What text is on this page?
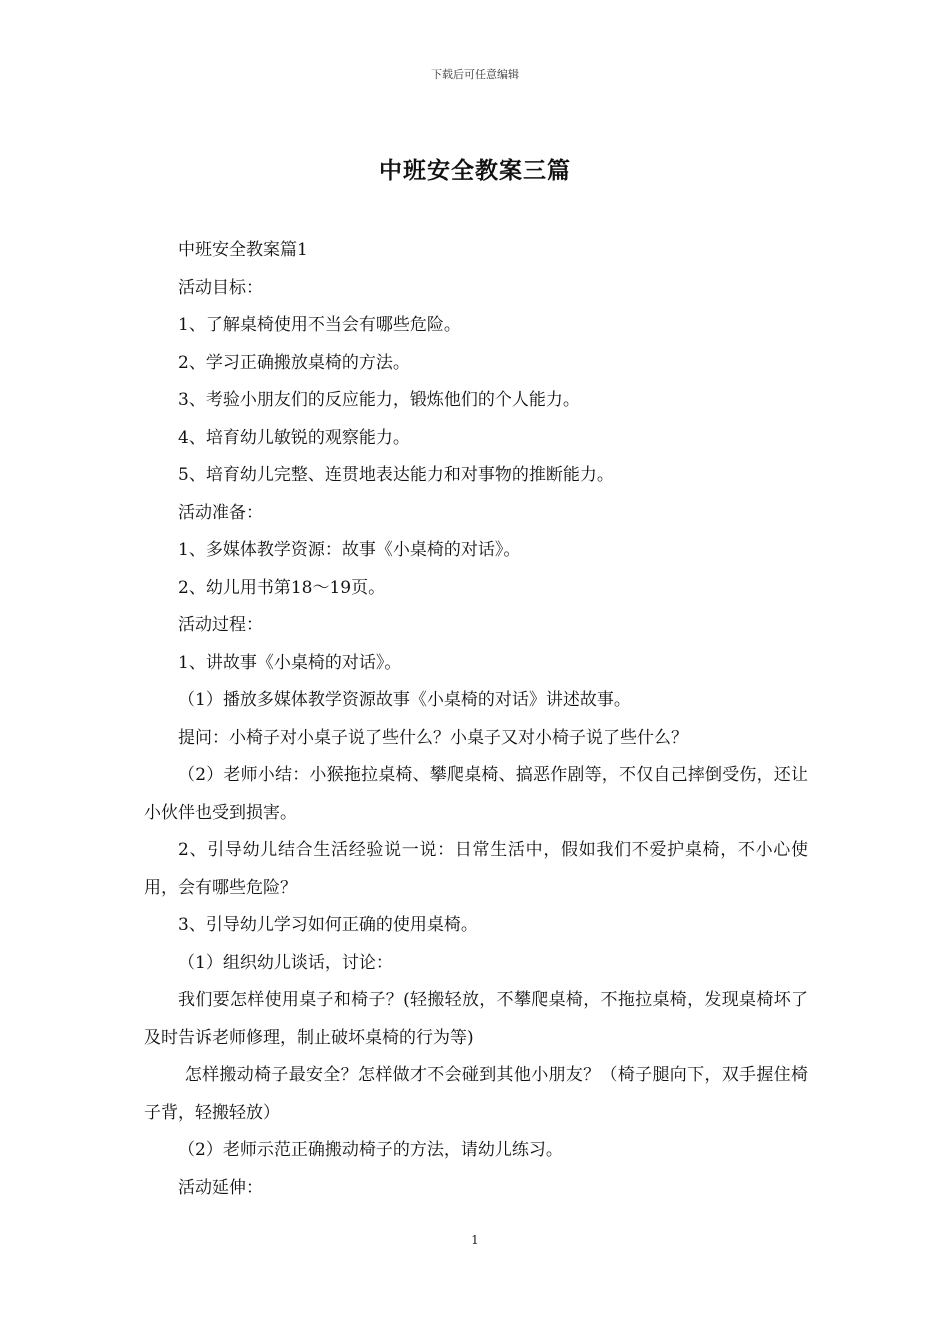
下载后可任意编辑
中班安全教案三篇

中班安全教案篇1

活动目标：

1、了解桌椅使用不当会有哪些危险。

2、学习正确搬放桌椅的方法。

3、考验小朋友们的反应能力，锻炼他们的个人能力。

4、培育幼儿敏锐的观察能力。

5、培育幼儿完整、连贯地表达能力和对事物的推断能力。

活动准备：

1、多媒体教学资源：故事《小桌椅的对话》。

2、幼儿用书第18～19页。

活动过程：

1、讲故事《小桌椅的对话》。

（1）播放多媒体教学资源故事《小桌椅的对话》讲述故事。

提问：小椅子对小桌子说了些什么？小桌子又对小椅子说了些什么？

（2）老师小结：小猴拖拉桌椅、攀爬桌椅、搞恶作剧等，不仅自己摔倒受伤，还让小伙伴也受到损害。

2、引导幼儿结合生活经验说一说：日常生活中，假如我们不爱护桌椅，不小心使用，会有哪些危险？

3、引导幼儿学习如何正确的使用桌椅。

（1）组织幼儿谈话，讨论：

我们要怎样使用桌子和椅子？(轻搬轻放，不攀爬桌椅，不拖拉桌椅，发现桌椅坏了及时告诉老师修理，制止破坏桌椅的行为等)

怎样搬动椅子最安全？怎样做才不会碰到其他小朋友？（椅子腿向下，双手握住椅子背，轻搬轻放）

（2）老师示范正确搬动椅子的方法，请幼儿练习。

活动延伸：

1
